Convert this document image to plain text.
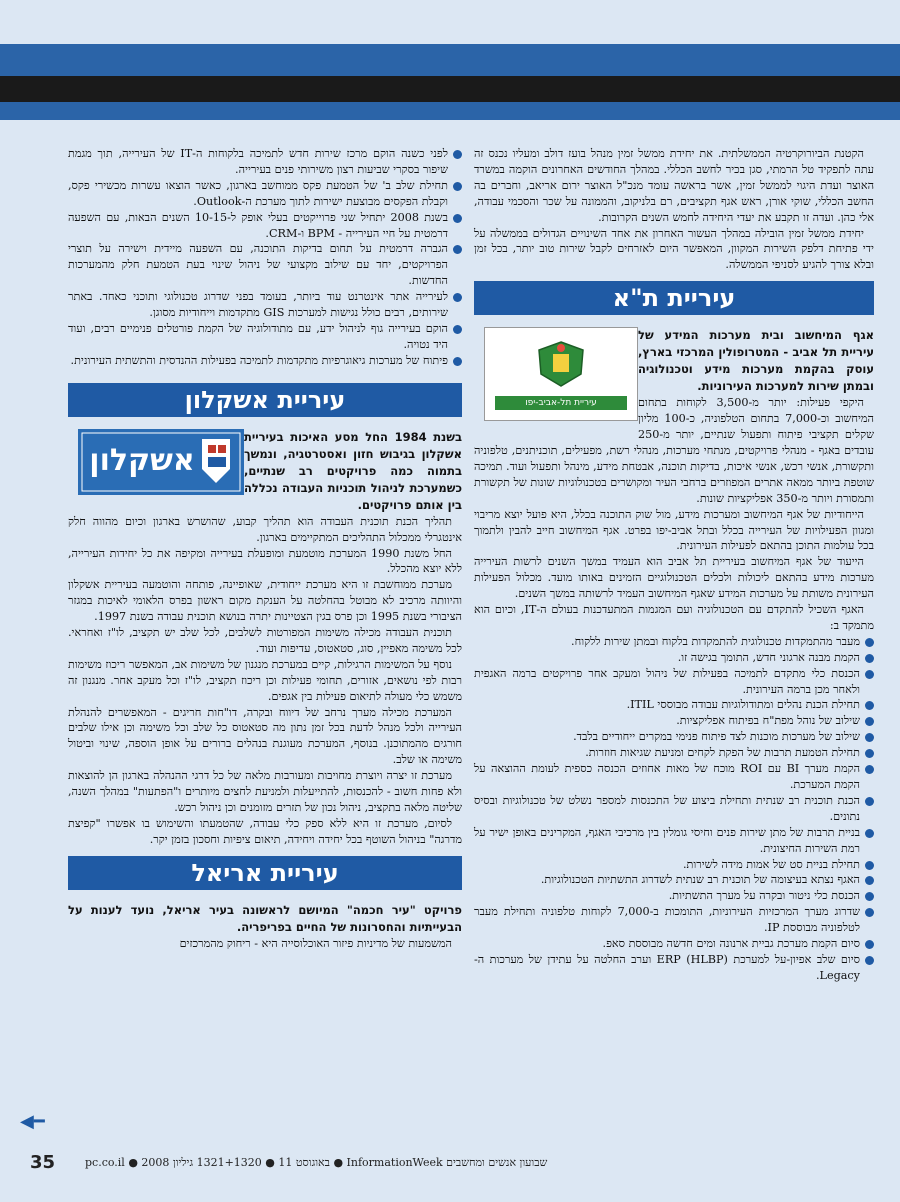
הקטנת הביורוקרטיה הממשלתית. את יחידת ממשל זמין מנהל בועז דולב ומעליו נכנס זה עתה לתפקיד טל הרמתי, סגן בכיר לחשב הכללי. במהלך החודשים האחרונים הוקמה במשרד האוצר ועדת היגוי לממשל זמין, אשר בראשה עומד מנכ"ל האוצר ירום אריאב, וחברים בה החשב הכללי, שוקי אורן, ראש אגף תקציבים, רם בלניקוב, והממונה על שכר והסכמי עבודה, אלי כהן. ועדה זו תקבע את יעדי היחידה לחמש השנים הקרובות.

יחידת ממשל זמין הובילה במהלך העשור האחרון את אחד השינויים הגדולים בממשלה על ידי פתיחת דלפק השירות המקוון, המאפשר היום לאזרחים לקבל שירות טוב יותר, בכל זמן ובלא צורך להגיע לסניפי הממשלה.

עיריית ת"א
עיריית תל-אביב-יפו
אגף המיחשוב ובית מערכות המידע של עיריית תל אביב - המטרופולין המרכזי בארץ, עוסק בהקמת מערכות מידע וטכנולוגיה ובמתן שירות למערכות העירוניות.

היקפי פעילות: יותר מ-3,500 לקוחות בתחום המיחשוב וכ-7,000 בתחום הטלפוניה, כ-100 מליון שקלים תקציבי פיתוח ותפעול שנתיים, יותר מ-250 עובדים באגף - מנהלי פרויקטים, מנתחי מערכות, מנהלי רשת, מפעילים, תוכניתנים, טלפוניה ותקשורת, אנשי רכש, אנשי איכות, בדיקות תוכנה, אבטחת מידע, מינהל ותפעול ועוד. תמיכה שוטפת ביותר ממאה אתרים המפוזרים ברחבי העיר ומקושרים בטכנולוגיות שונות של תקשורת ותמסורת ויותר מ-350 אפליקציות שונות.

הייחודיות של אגף המיחשוב ומערכות מידע, מול שוק התוכנה בכלל, היא פועל יוצא מריבוי ומגוון הפעילויות של העירייה בכלל ובתל אביב-יפו בפרט. אגף המיחשוב חייב להבין ולתמוך בכל עולמות התוכן בהתאם לפעילות העירונית.

הייעוד של אגף המיחשוב בעיריית תל אביב הוא העמיד במשך השנים לרשות העירייה מערכות מידע בהתאם ליכולות ולכלים הטכנולוגיים הזמינים באותו מועד. מכלול הפעילות העירונית משותת על מערכות המידע שאגף המיחשוב העמיד לרשותה במשך השנים.

האגף השכיל להתקדם עם הטכנולוגיה ועם המגמות המתעדכנות בעולם ה-IT, וכיום הוא מתמקד ב:

מעבר מהתמקדות טכנולוגית להתמקדות בלקוח ובמתן שירות ללקוח.
הקמת מבנה ארגוני חדש, התומך בגישה זו.
הכנסת כלי מתקדם לתמיכה בפעילות של ניהול ומעקב אחר פרויקטים ברמה האגפית ולאחר מכן ברמה העירונית.
תחילת הכנת נהלים ומתודולוגיות עבודה מבוססי ITIL.
שילוב של נוהל מפת"ח בפיתוח אפליקציות.
שילוב של מערכות מוכנות לצד פיתוח פנימי במקרים ייחודיים בלבד.
תחילת הטמעת תרבות של הפקת לקחים ומניעת שגיאות חוזרות.
הקמת מערך BI עם ROI מוכח של מאות אחוזים הכנסה כספית לעומת ההוצאה על הקמת המערכת.
הכנת תוכנית רב שנתית ותחילת ביצוע של התכנסות למספר נשלט של טכנולוגיות ובסיס נתונים.
בניית תרבות של מתן שירות פנים וחיסי גומלין בין מרכיבי האגף, המקרינים באופן ישיר על רמת השירות החיצונית.
תחילת בניית סט של אמות מידה לשירות.
האגף נצתא בעיצומה של תוכנית רב שנתית לשדרוג התשתיות הטכנולוגיות.
הכנסת כלי ניטור ובקרה על מערך התשתיות.
שדרוג מערך המרכזיות העירוניות, התומכות ב-7,000 לקוחות טלפוניה ותחילת מעבר לטלפוניה מבוססת IP.
סיום הקמת מערכת גביית ארנונה ומים חדשה מבוססת סאפ.
סיום שלב אפיון-על למערכת ERP (HLBP) וערב החלטה על עתידן של מערכות ה-Legacy.
לפני כשנה הוקם מרכז שירות חדש לתמיכה בלקוחות ה-IT של העירייה, תוך מגמת שיפור בסקרי שביעות רצון משירותי פנים בעירייה.
תחילת שלב ב' של הטמעת פקס ממוחשב בארגון, כאשר הוצאו עשרות מכשירי פקס, וקבלת הפקסים מבוצעת ישירות לתוך מערכת ה-Outlook.
בשנת 2008 יתחיל שני פרוייקטים בעלי אופק ל-10-15 השנים הבאות, עם השפעה דרמטית על חיי העירייה - BPM ו-CRM.
הגברה דרמטית על תחום בדיקות התוכנה, עם השפעה מיידית וישירה על תוצרי הפרויקטים, יחד עם שילוב מקצועי של ניהול שינוי בעת הטמעת חלק מהמערכות החדשות.
לעירייה אתר אינטרנט עוד ביותר, בעומד בפני שדרוג טכנולוגי ותוכני כאחד. באתר שירותים, רבים כולל נגישות למערכות GIS מתקדמות וייחודיות מסוגן.
הוקם בעירייה גוף לניהול ידע, עם מתודולוגיה של הקמת פורטלים פנימיים רבים, ועוד היד נטויה.
פיתוח של מערכות גיאוגרפיות מתקדמות לתמיכה בפעילות ההנדסית והתשתית העירונית.
עיריית אשקלון
אשקלון
בשנת 1984 החל מסע האיכות בעיריית אשקלון בגיבוש חזון ואסטרטגיה, ונמשך בתמוה כמה פרויקטים רב שנתיים, כשמערכת לניהול תוכניות העבודה נכללה בין אותם פרויקטים.

תהליך הכנת תוכנית העבודה הוא תהליך קבוע, שהושרש בארגון וכיום מהווה חלק אינטגרלי ממכלול התהליכים המתקיימים בארגון.

החל משנת 1990 המערכת מוטמעת ומופעלת בעירייה ומקיפה את כל יחידות העירייה, ללא יוצא מהכלל.

מערכת ממוחשבת זו היא מערכת ייחודית, שאופיינה, פותחה והוטמעה בעיריית אשקלון והיוותה מרכיב לא מבוטל בהחלטה על הענקת מקום ראשון בפרס הלאומי לאיכות במגזר הציבורי בשנת 1995 וכן פרס בגין הצטיינות יתרה בנושא תוכנית עבודה בשנת 1997.

תוכנית העבודה מכילה משימות המפורטות לשלבים, לכל שלב יש תקציב, לו"ז ואחראי. לכל משימה מאפיין, סוג, סטאטוס, עדיפות ועוד.

נוסף על המשימות הרגילות, קיים במערכת מנגנון של משימות אב, המאפשר ריכוז משימות רבות לפי נושאים, אזורים, תחומי פעילות וכן ריכוז תקציב, לו"ז וכל מעקב אחר. מנגנון זה משמש כלי מעולה לתיאום פעילות בין אגפים.

המערכת מכילה מערך נרחב של דיווח ובקרה, דו"חות חריגים - המאפשרים להנהלת העירייה ולכל מנהל לדעת בכל זמן נתון מה סטאטוס כל שלב וכל משימה וכן אילו שלבים חורגים מהמתוכנן. בנוסף, המערכת מעוגנת בנהלים ברורים על אופן הוספה, שינוי וביטול משימה או שלב.

מערכת זו יצרה ויוצרת מחויבות ומעורבות מלאה של כל דרגי ההנהלה בארגון הן להוצאות ולא פחות חשוב - להכנסות, להתייעלות ולמניעת לחצים מיותרים ו"הפתעות" במהלך השנה, שליטה מלאה בתקציב, ניהול נכון של תזרים מזומנים וכן ניהול רכש.

לסיום, מערכת זו היא ללא ספק כלי עבודה, שהטמעתו והשימוש בו אפשרו "קפיצת מדרגה" בניהול השוטף בכל יחידה ויחידה, תיאום ציפיות וחסכון בזמן יקר.

עיריית אריאל
פרויקט "עיר חכמה" המיושם לראשונה בעיר אריאל, נועד לענות על הבעייתיות והחסרונות של החיים בפריפריה.

המשמעות של מדיניות פיזור האוכלוסייה היא - ריחוק מהמרכזים

◀━
35	pc.co.il ● 2008 באוגוסט 11 ● 1321+1320 גיליון ● InformationWeek שבועון אנשים ומחשבים
